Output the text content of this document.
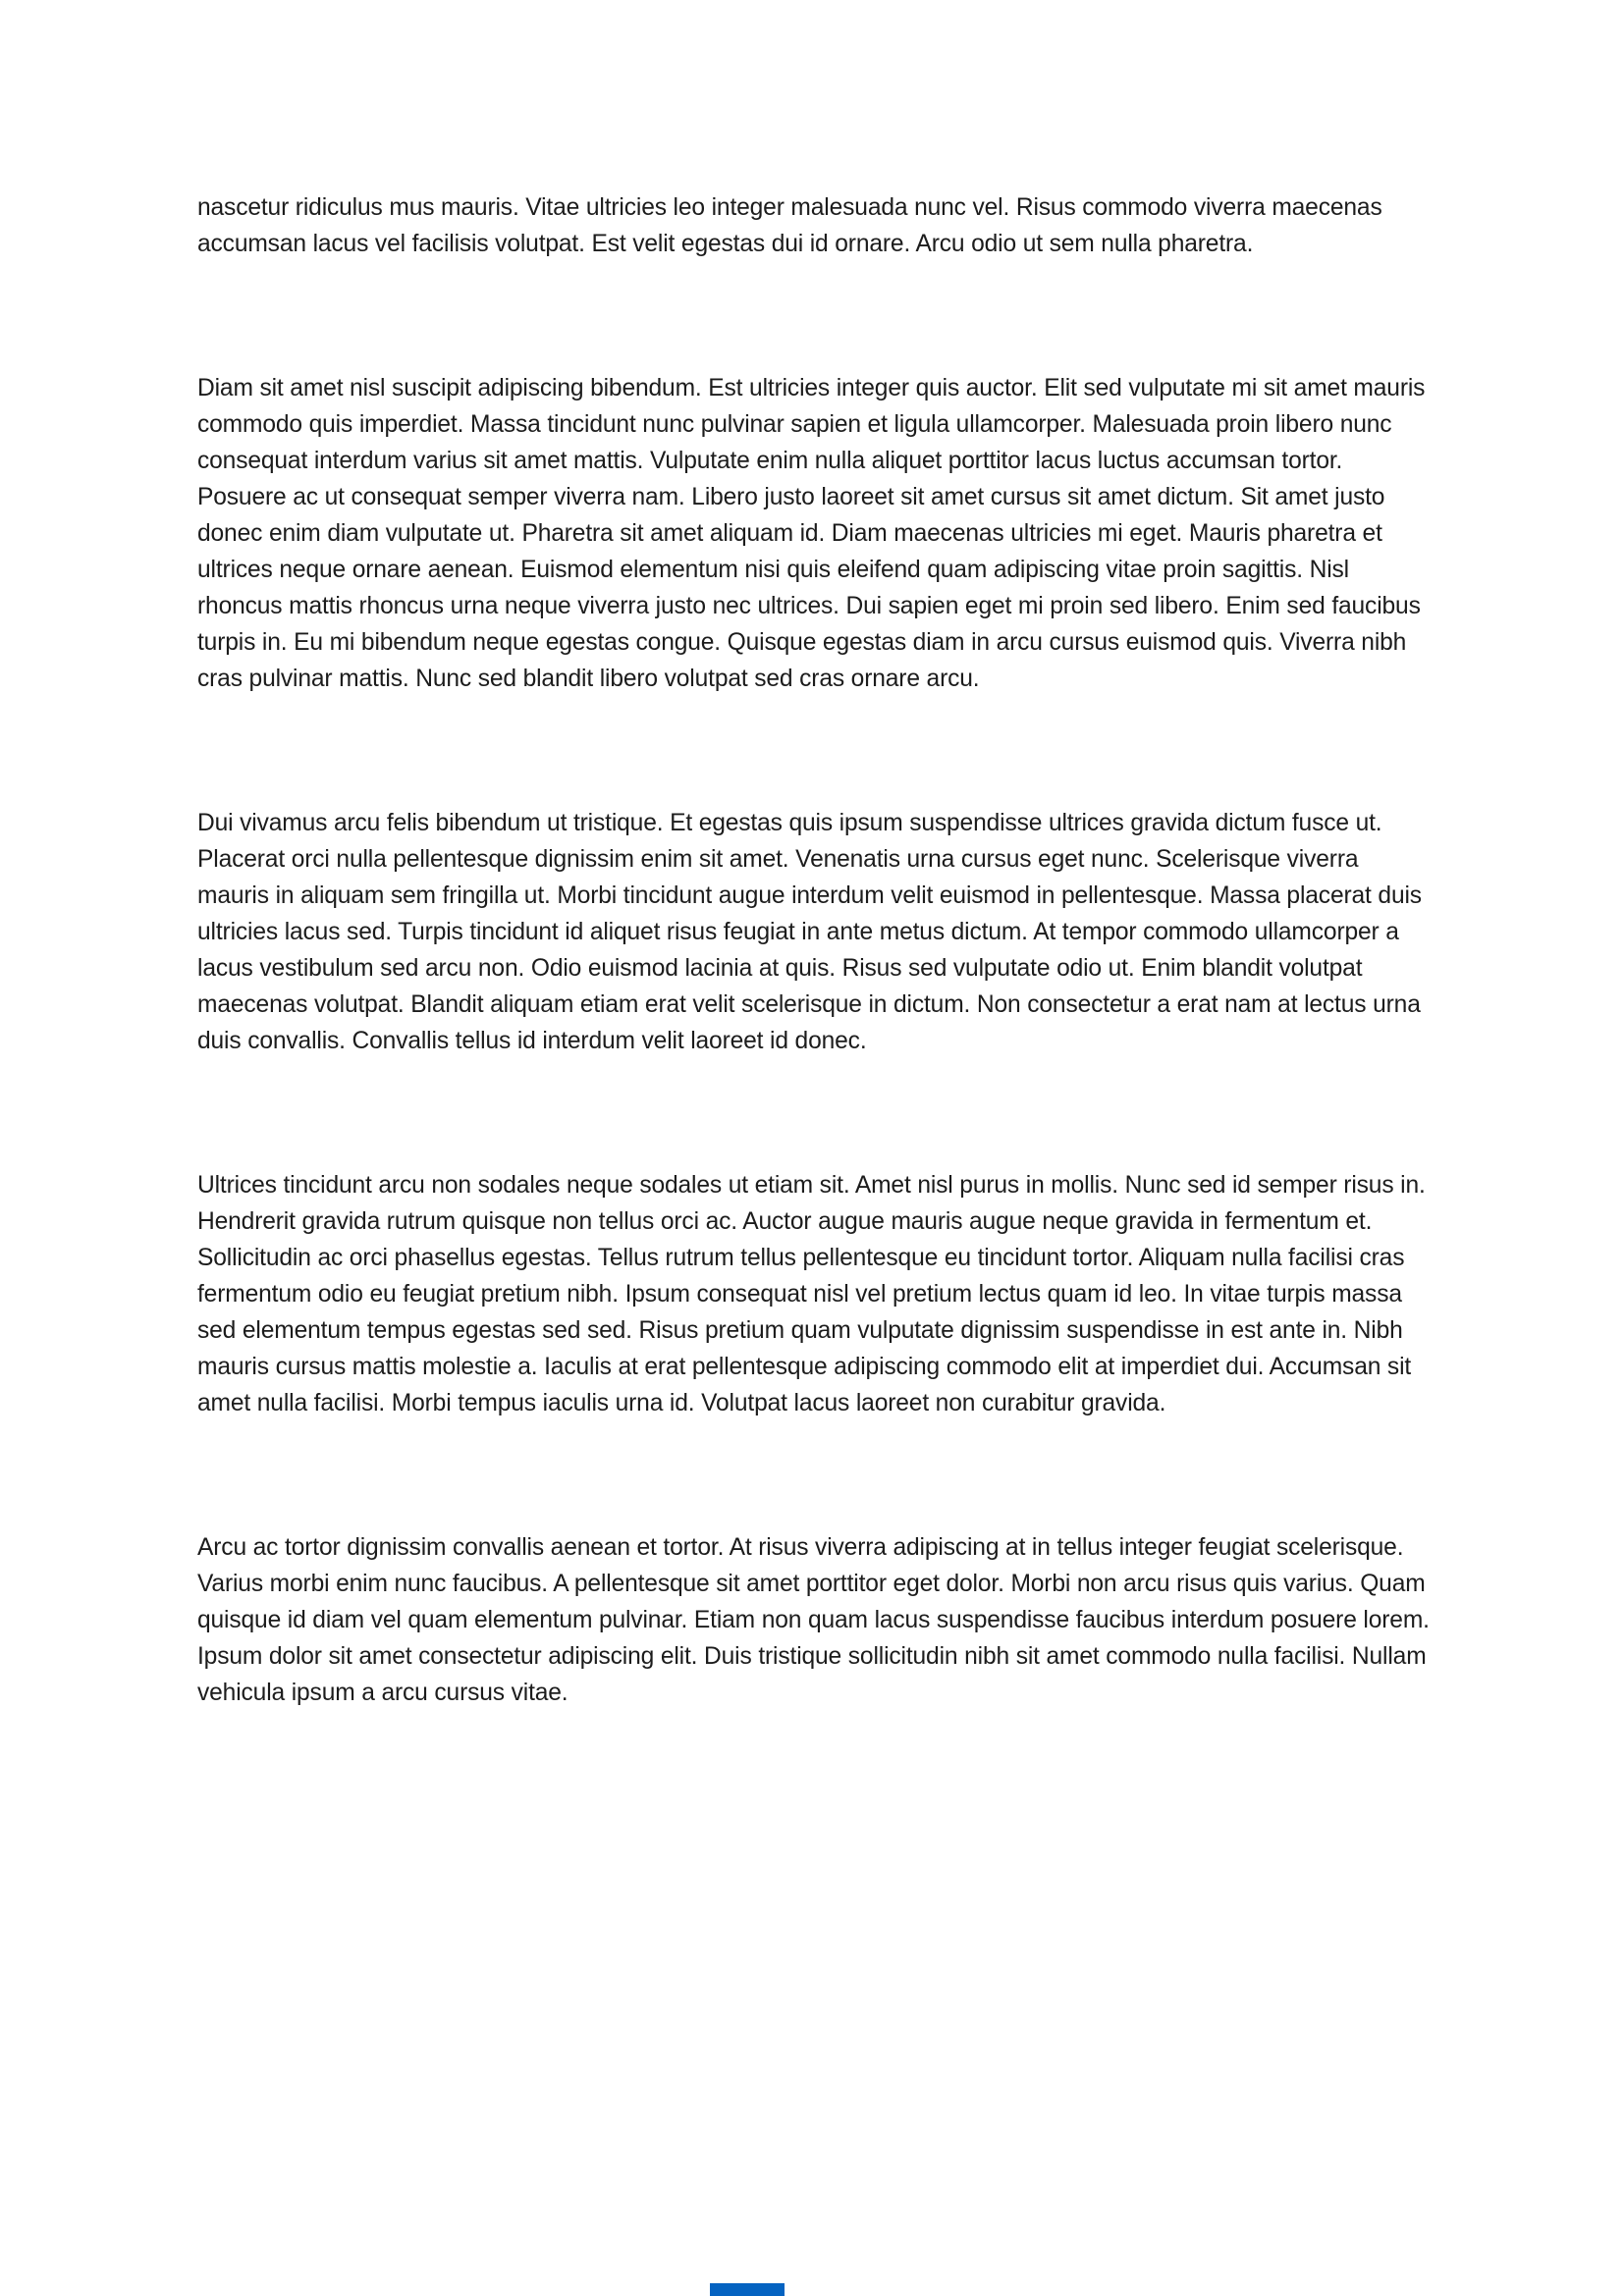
nascetur ridiculus mus mauris. Vitae ultricies leo integer malesuada nunc vel. Risus commodo viverra maecenas accumsan lacus vel facilisis volutpat. Est velit egestas dui id ornare. Arcu odio ut sem nulla pharetra.

Diam sit amet nisl suscipit adipiscing bibendum. Est ultricies integer quis auctor. Elit sed vulputate mi sit amet mauris commodo quis imperdiet. Massa tincidunt nunc pulvinar sapien et ligula ullamcorper. Malesuada proin libero nunc consequat interdum varius sit amet mattis. Vulputate enim nulla aliquet porttitor lacus luctus accumsan tortor. Posuere ac ut consequat semper viverra nam. Libero justo laoreet sit amet cursus sit amet dictum. Sit amet justo donec enim diam vulputate ut. Pharetra sit amet aliquam id. Diam maecenas ultricies mi eget. Mauris pharetra et ultrices neque ornare aenean. Euismod elementum nisi quis eleifend quam adipiscing vitae proin sagittis. Nisl rhoncus mattis rhoncus urna neque viverra justo nec ultrices. Dui sapien eget mi proin sed libero. Enim sed faucibus turpis in. Eu mi bibendum neque egestas congue. Quisque egestas diam in arcu cursus euismod quis. Viverra nibh cras pulvinar mattis. Nunc sed blandit libero volutpat sed cras ornare arcu.

Dui vivamus arcu felis bibendum ut tristique. Et egestas quis ipsum suspendisse ultrices gravida dictum fusce ut. Placerat orci nulla pellentesque dignissim enim sit amet. Venenatis urna cursus eget nunc. Scelerisque viverra mauris in aliquam sem fringilla ut. Morbi tincidunt augue interdum velit euismod in pellentesque. Massa placerat duis ultricies lacus sed. Turpis tincidunt id aliquet risus feugiat in ante metus dictum. At tempor commodo ullamcorper a lacus vestibulum sed arcu non. Odio euismod lacinia at quis. Risus sed vulputate odio ut. Enim blandit volutpat maecenas volutpat. Blandit aliquam etiam erat velit scelerisque in dictum. Non consectetur a erat nam at lectus urna duis convallis. Convallis tellus id interdum velit laoreet id donec.

Ultrices tincidunt arcu non sodales neque sodales ut etiam sit. Amet nisl purus in mollis. Nunc sed id semper risus in. Hendrerit gravida rutrum quisque non tellus orci ac. Auctor augue mauris augue neque gravida in fermentum et. Sollicitudin ac orci phasellus egestas. Tellus rutrum tellus pellentesque eu tincidunt tortor. Aliquam nulla facilisi cras fermentum odio eu feugiat pretium nibh. Ipsum consequat nisl vel pretium lectus quam id leo. In vitae turpis massa sed elementum tempus egestas sed sed. Risus pretium quam vulputate dignissim suspendisse in est ante in. Nibh mauris cursus mattis molestie a. Iaculis at erat pellentesque adipiscing commodo elit at imperdiet dui. Accumsan sit amet nulla facilisi. Morbi tempus iaculis urna id. Volutpat lacus laoreet non curabitur gravida.

Arcu ac tortor dignissim convallis aenean et tortor. At risus viverra adipiscing at in tellus integer feugiat scelerisque. Varius morbi enim nunc faucibus. A pellentesque sit amet porttitor eget dolor. Morbi non arcu risus quis varius. Quam quisque id diam vel quam elementum pulvinar. Etiam non quam lacus suspendisse faucibus interdum posuere lorem. Ipsum dolor sit amet consectetur adipiscing elit. Duis tristique sollicitudin nibh sit amet commodo nulla facilisi. Nullam vehicula ipsum a arcu cursus vitae.
